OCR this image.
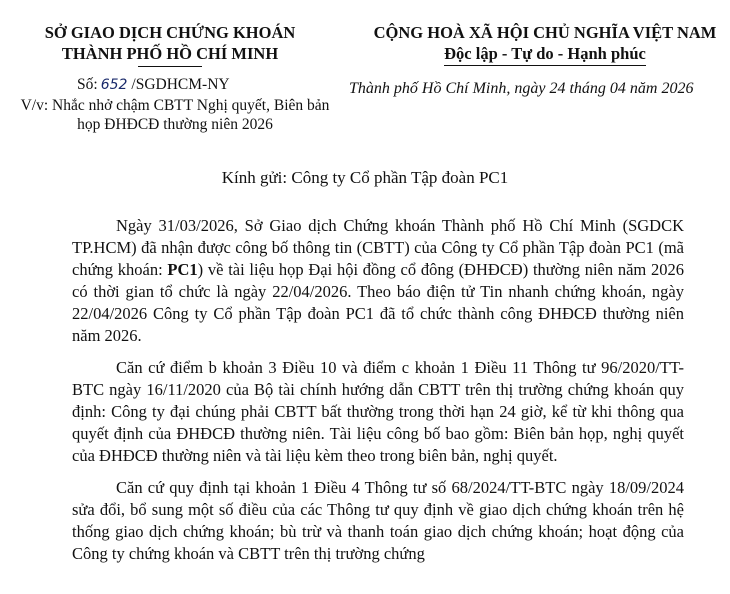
SỞ GIAO DỊCH CHỨNG KHOÁN
THÀNH PHỐ HỒ CHÍ MINH
CỘNG HOÀ XÃ HỘI CHỦ NGHĨA VIỆT NAM
Độc lập - Tự do - Hạnh phúc
Số: 652 /SGDHCM-NY
V/v: Nhắc nhở chậm CBTT Nghị quyết, Biên bản
họp ĐHĐCĐ thường niên 2026
Thành phố Hồ Chí Minh, ngày 24 tháng 04 năm 2026
Kính gửi: Công ty Cổ phần Tập đoàn PC1

Ngày 31/03/2026, Sở Giao dịch Chứng khoán Thành phố Hồ Chí Minh (SGDCK TP.HCM) đã nhận được công bố thông tin (CBTT) của Công ty Cổ phần Tập đoàn PC1 (mã chứng khoán: PC1) về tài liệu họp Đại hội đồng cổ đông (ĐHĐCĐ) thường niên năm 2026 có thời gian tổ chức là ngày 22/04/2026. Theo báo điện tử Tin nhanh chứng khoán, ngày 22/04/2026 Công ty Cổ phần Tập đoàn PC1 đã tổ chức thành công ĐHĐCĐ thường niên năm 2026.

Căn cứ điểm b khoản 3 Điều 10 và điểm c khoản 1 Điều 11 Thông tư 96/2020/TT-BTC ngày 16/11/2020 của Bộ tài chính hướng dẫn CBTT trên thị trường chứng khoán quy định: Công ty đại chúng phải CBTT bất thường trong thời hạn 24 giờ, kể từ khi thông qua quyết định của ĐHĐCĐ thường niên. Tài liệu công bố bao gồm: Biên bản họp, nghị quyết của ĐHĐCĐ thường niên và tài liệu kèm theo trong biên bản, nghị quyết.

Căn cứ quy định tại khoản 1 Điều 4 Thông tư số 68/2024/TT-BTC ngày 18/09/2024 sửa đổi, bổ sung một số điều của các Thông tư quy định về giao dịch chứng khoán trên hệ thống giao dịch chứng khoán; bù trừ và thanh toán giao dịch chứng khoán; hoạt động của Công ty chứng khoán và CBTT trên thị trường chứng
